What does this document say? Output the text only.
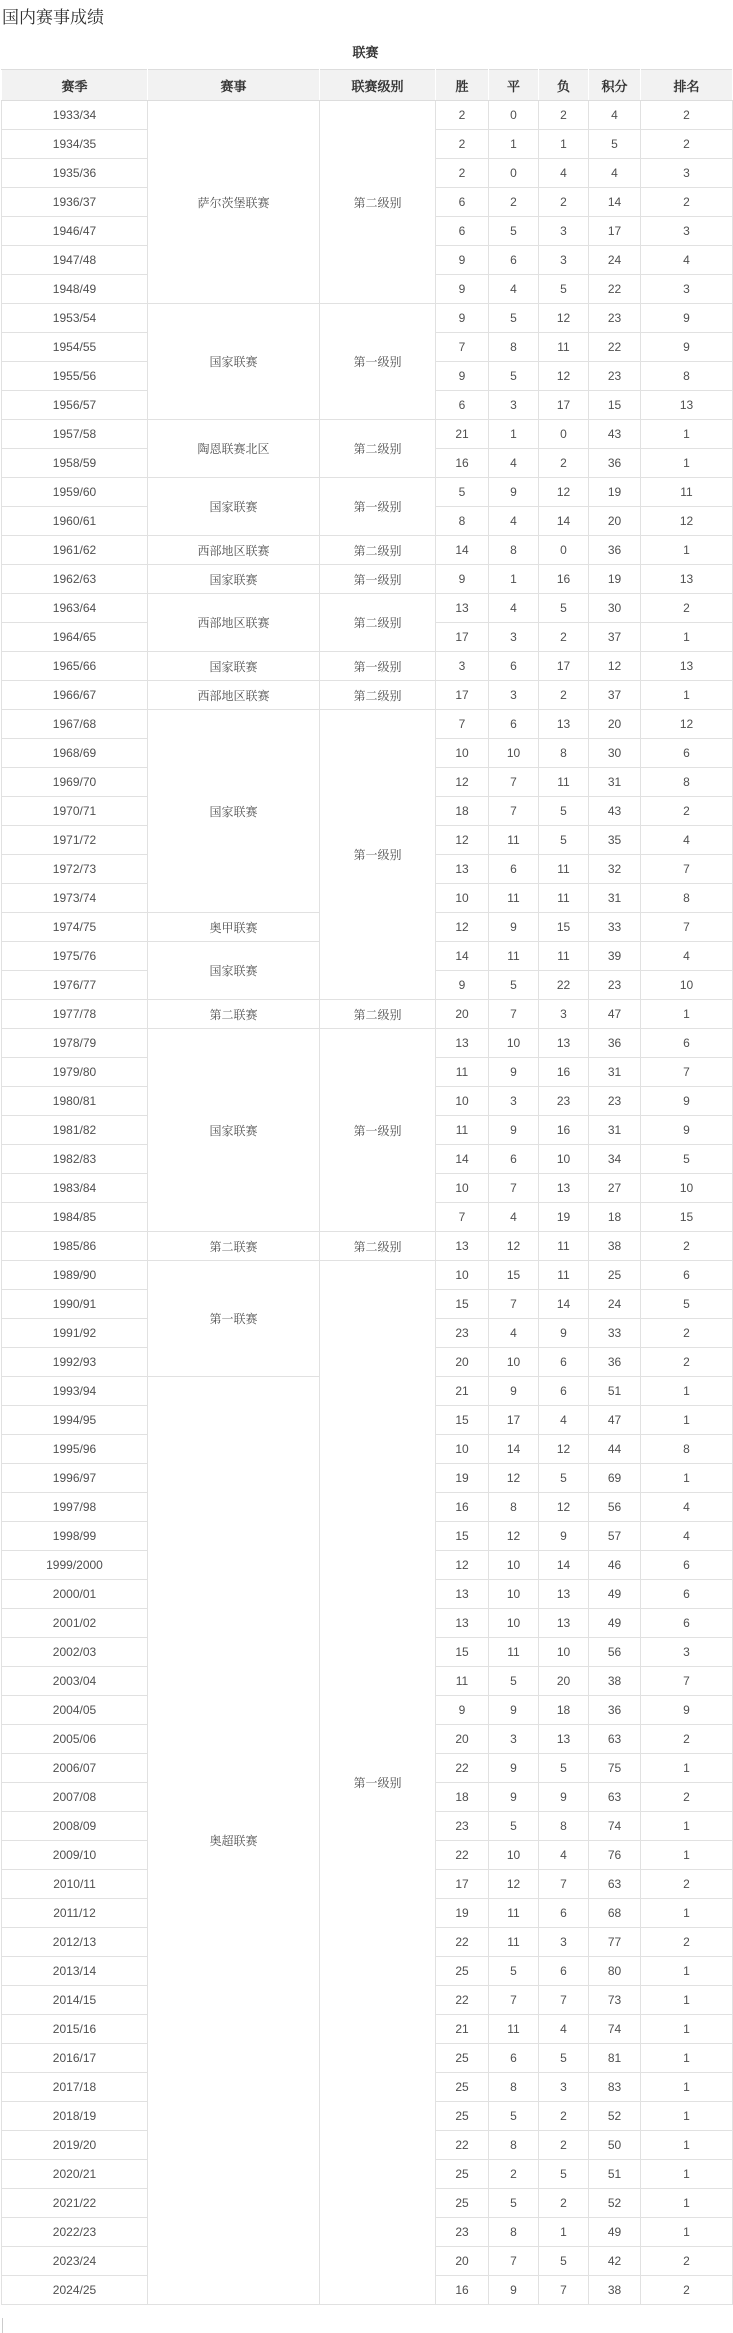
国内赛事成绩
联赛
赛季	赛事	联赛级别	胜	平	负	积分	排名
1933/34	萨尔茨堡联赛	第二级别	2	0	2	4	2
1934/35			2	1	1	5	2
1935/36			2	0	4	4	3
1936/37			6	2	2	14	2
1946/47			6	5	3	17	3
1947/48			9	6	3	24	4
1948/49			9	4	5	22	3
1953/54	国家联赛	第一级别	9	5	12	23	9
1954/55			7	8	11	22	9
1955/56			9	5	12	23	8
1956/57			6	3	17	15	13
1957/58	陶恩联赛北区	第二级别	21	1	0	43	1
1958/59			16	4	2	36	1
1959/60	国家联赛	第一级别	5	9	12	19	11
1960/61			8	4	14	20	12
1961/62	西部地区联赛	第二级别	14	8	0	36	1
1962/63	国家联赛	第一级别	9	1	16	19	13
1963/64	西部地区联赛	第二级别	13	4	5	30	2
1964/65			17	3	2	37	1
1965/66	国家联赛	第一级别	3	6	17	12	13
1966/67	西部地区联赛	第二级别	17	3	2	37	1
1967/68	国家联赛	第一级别	7	6	13	20	12
1968/69			10	10	8	30	6
1969/70			12	7	11	31	8
1970/71			18	7	5	43	2
1971/72			12	11	5	35	4
1972/73			13	6	11	32	7
1973/74			10	11	11	31	8
1974/75	奥甲联赛		12	9	15	33	7
1975/76	国家联赛		14	11	11	39	4
1976/77			9	5	22	23	10
1977/78	第二联赛	第二级别	20	7	3	47	1
1978/79	国家联赛	第一级别	13	10	13	36	6
1979/80			11	9	16	31	7
1980/81			10	3	23	23	9
1981/82			11	9	16	31	9
1982/83			14	6	10	34	5
1983/84			10	7	13	27	10
1984/85			7	4	19	18	15
1985/86	第二联赛	第二级别	13	12	11	38	2
1989/90	第一联赛	第一级别	10	15	11	25	6
1990/91			15	7	14	24	5
1991/92			23	4	9	33	2
1992/93			20	10	6	36	2
1993/94	奥超联赛		21	9	6	51	1
1994/95			15	17	4	47	1
1995/96			10	14	12	44	8
1996/97			19	12	5	69	1
1997/98			16	8	12	56	4
1998/99			15	12	9	57	4
1999/2000			12	10	14	46	6
2000/01			13	10	13	49	6
2001/02			13	10	13	49	6
2002/03			15	11	10	56	3
2003/04			11	5	20	38	7
2004/05			9	9	18	36	9
2005/06			20	3	13	63	2
2006/07			22	9	5	75	1
2007/08			18	9	9	63	2
2008/09			23	5	8	74	1
2009/10			22	10	4	76	1
2010/11			17	12	7	63	2
2011/12			19	11	6	68	1
2012/13			22	11	3	77	2
2013/14			25	5	6	80	1
2014/15			22	7	7	73	1
2015/16			21	11	4	74	1
2016/17			25	6	5	81	1
2017/18			25	8	3	83	1
2018/19			25	5	2	52	1
2019/20			22	8	2	50	1
2020/21			25	2	5	51	1
2021/22			25	5	2	52	1
2022/23			23	8	1	49	1
2023/24			20	7	5	42	2
2024/25			16	9	7	38	2
